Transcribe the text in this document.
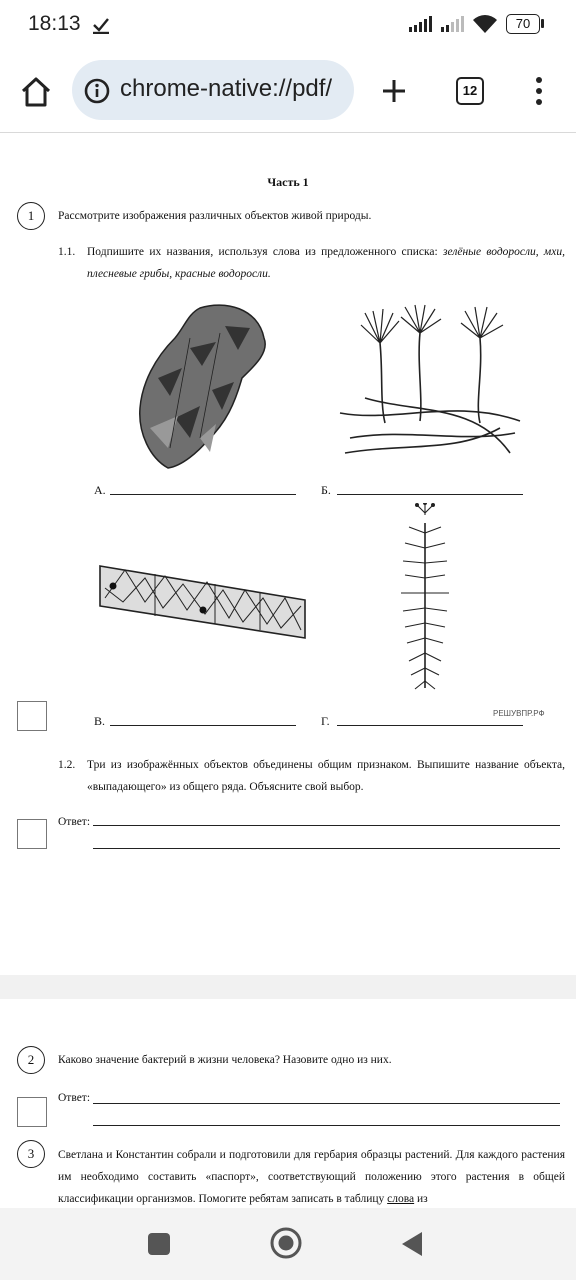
18:13	70
chrome-native://pdf/	12
Часть 1
1	Рассмотрите изображения различных объектов живой природы.
1.1. Подпишите их названия, используя слова из предложенного списка: зелёные водоросли, мхи, плесневые грибы, красные водоросли.
А.	Б.
В.
РЕШУВПР.РФ
Г.
1.2. Три из изображённых объектов объединены общим признаком. Выпишите название объекта, «выпадающего» из общего ряда. Объясните свой выбор.
Ответ:
2	Каково значение бактерий в жизни человека? Назовите одно из них.
Ответ:
3	Светлана и Константин собрали и подготовили для гербария образцы растений. Для каждого растения им необходимо составить «паспорт», соответствующий положению этого растения в общей классификации организмов. Помогите ребятам записать в таблицу слова из
